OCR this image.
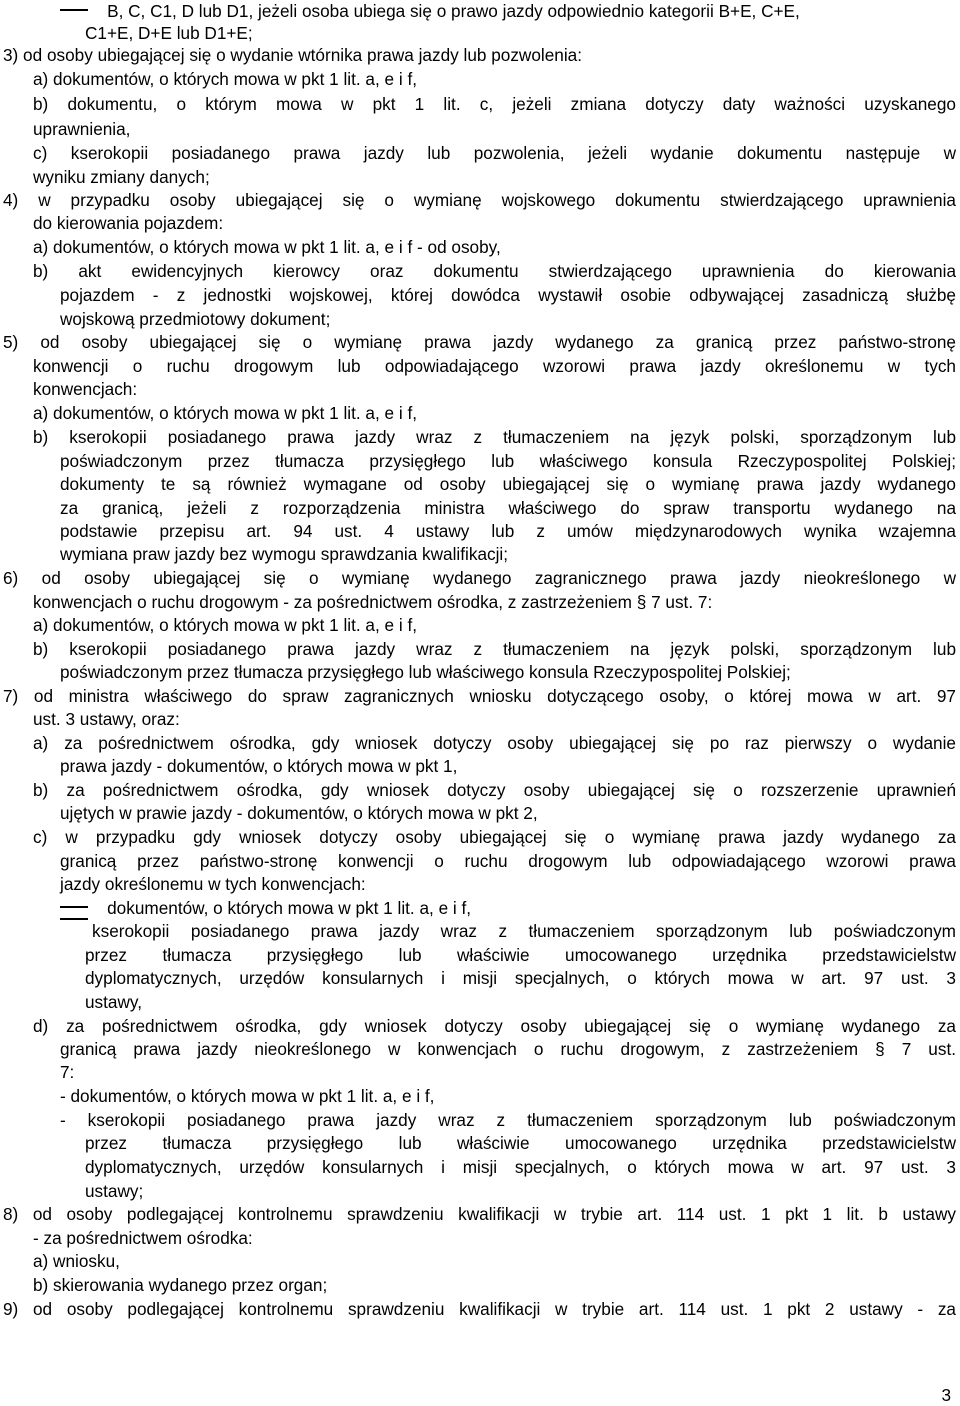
B, C, C1, D lub D1, jeżeli osoba ubiega się o prawo jazdy odpowiednio kategorii B+E, C+E,
C1+E, D+E lub D1+E;
3) od osoby ubiegającej się o wydanie wtórnika prawa jazdy lub pozwolenia:
a) dokumentów, o których mowa w pkt 1 lit. a, e i f,
b) dokumentu, o którym mowa w pkt 1 lit. c, jeżeli zmiana dotyczy daty ważności uzyskanego
uprawnienia,
c) kserokopii posiadanego prawa jazdy lub pozwolenia, jeżeli wydanie dokumentu następuje w
wyniku zmiany danych;
4) w przypadku osoby ubiegającej się o wymianę wojskowego dokumentu stwierdzającego uprawnienia
do kierowania pojazdem:
a) dokumentów, o których mowa w pkt 1 lit. a, e i f - od osoby,
b) akt ewidencyjnych kierowcy oraz dokumentu stwierdzającego uprawnienia do kierowania
pojazdem - z jednostki wojskowej, której dowódca wystawił osobie odbywającej zasadniczą służbę
wojskową przedmiotowy dokument;
5) od osoby ubiegającej się o wymianę prawa jazdy wydanego za granicą przez państwo-stronę
konwencji o ruchu drogowym lub odpowiadającego wzorowi prawa jazdy określonemu w tych
konwencjach:
a) dokumentów, o których mowa w pkt 1 lit. a, e i f,
b) kserokopii posiadanego prawa jazdy wraz z tłumaczeniem na język polski, sporządzonym lub
poświadczonym przez tłumacza przysięgłego lub właściwego konsula Rzeczypospolitej Polskiej;
dokumenty te są również wymagane od osoby ubiegającej się o wymianę prawa jazdy wydanego
za granicą, jeżeli z rozporządzenia ministra właściwego do spraw transportu wydanego na
podstawie przepisu art. 94 ust. 4 ustawy lub z umów międzynarodowych wynika wzajemna
wymiana praw jazdy bez wymogu sprawdzania kwalifikacji;
6) od osoby ubiegającej się o wymianę wydanego zagranicznego prawa jazdy nieokreślonego w
konwencjach o ruchu drogowym - za pośrednictwem ośrodka, z zastrzeżeniem § 7 ust. 7:
a) dokumentów, o których mowa w pkt 1 lit. a, e i f,
b) kserokopii posiadanego prawa jazdy wraz z tłumaczeniem na język polski, sporządzonym lub
poświadczonym przez tłumacza przysięgłego lub właściwego konsula Rzeczypospolitej Polskiej;
7) od ministra właściwego do spraw zagranicznych wniosku dotyczącego osoby, o której mowa w art. 97
ust. 3 ustawy, oraz:
a) za pośrednictwem ośrodka, gdy wniosek dotyczy osoby ubiegającej się po raz pierwszy o wydanie
prawa jazdy - dokumentów, o których mowa w pkt 1,
b) za pośrednictwem ośrodka, gdy wniosek dotyczy osoby ubiegającej się o rozszerzenie uprawnień
ujętych w prawie jazdy - dokumentów, o których mowa w pkt 2,
c) w przypadku gdy wniosek dotyczy osoby ubiegającej się o wymianę prawa jazdy wydanego za
granicą przez państwo-stronę konwencji o ruchu drogowym lub odpowiadającego wzorowi prawa
jazdy określonemu w tych konwencjach:
dokumentów, o których mowa w pkt 1 lit. a, e i f,
kserokopii posiadanego prawa jazdy wraz z tłumaczeniem sporządzonym lub poświadczonym
przez tłumacza przysięgłego lub właściwie umocowanego urzędnika przedstawicielstw
dyplomatycznych, urzędów konsularnych i misji specjalnych, o których mowa w art. 97 ust. 3
ustawy,
d) za pośrednictwem ośrodka, gdy wniosek dotyczy osoby ubiegającej się o wymianę wydanego za
granicą prawa jazdy nieokreślonego w konwencjach o ruchu drogowym, z zastrzeżeniem § 7 ust.
7:
- dokumentów, o których mowa w pkt 1 lit. a, e i f,
- kserokopii posiadanego prawa jazdy wraz z tłumaczeniem sporządzonym lub poświadczonym
przez tłumacza przysięgłego lub właściwie umocowanego urzędnika przedstawicielstw
dyplomatycznych, urzędów konsularnych i misji specjalnych, o których mowa w art. 97 ust. 3
ustawy;
8) od osoby podlegającej kontrolnemu sprawdzeniu kwalifikacji w trybie art. 114 ust. 1 pkt 1 lit. b ustawy
- za pośrednictwem ośrodka:
a) wniosku,
b) skierowania wydanego przez organ;
9) od osoby podlegającej kontrolnemu sprawdzeniu kwalifikacji w trybie art. 114 ust. 1 pkt 2 ustawy - za
3
